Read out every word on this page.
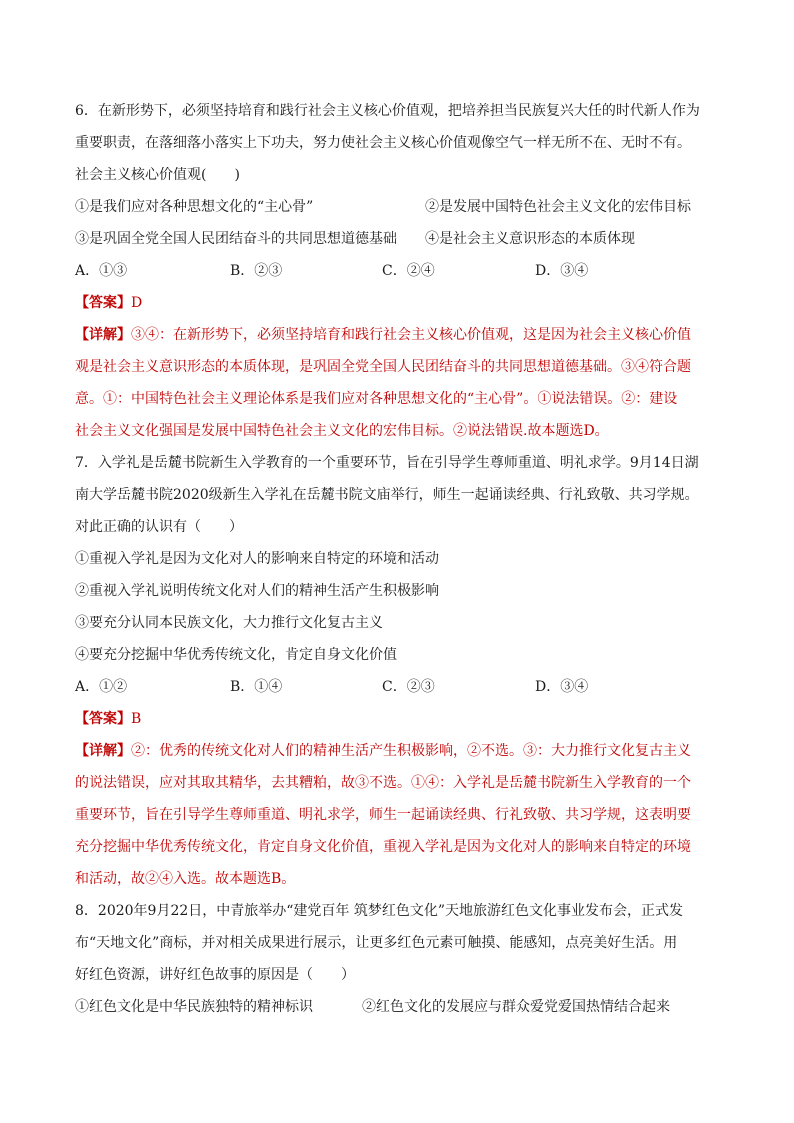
6．在新形势下，必须坚持培育和践行社会主义核心价值观，把培养担当民族复兴大任的时代新人作为
重要职责，在落细落小落实上下功夫，努力使社会主义核心价值观像空气一样无所不在、无时不有。
社会主义核心价值观(　　)
①是我们应对各种思想文化的“主心骨”	②是发展中国特色社会主义文化的宏伟目标
③是巩固全党全国人民团结奋斗的共同思想道德基础 ④是社会主义意识形态的本质体现
A．①③	B．②③	C．②④	D．③④
【答案】D
【详解】③④：在新形势下，必须坚持培育和践行社会主义核心价值观，这是因为社会主义核心价值
观是社会主义意识形态的本质体现，是巩固全党全国人民团结奋斗的共同思想道德基础。③④符合题
意。①：中国特色社会主义理论体系是我们应对各种思想文化的“主心骨”。①说法错误。②：建设
社会主义文化强国是发展中国特色社会主义文化的宏伟目标。②说法错误.故本题选D。
7．入学礼是岳麓书院新生入学教育的一个重要环节，旨在引导学生尊师重道、明礼求学。9月14日湖
南大学岳麓书院2020级新生入学礼在岳麓书院文庙举行，师生一起诵读经典、行礼致敬、共习学规。
对此正确的认识有（　　）
①重视入学礼是因为文化对人的影响来自特定的环境和活动
②重视入学礼说明传统文化对人们的精神生活产生积极影响
③要充分认同本民族文化，大力推行文化复古主义
④要充分挖掘中华优秀传统文化，肯定自身文化价值
A．①②	B．①④	C．②③	D．③④
【答案】B
【详解】②：优秀的传统文化对人们的精神生活产生积极影响，②不选。③：大力推行文化复古主义
的说法错误，应对其取其精华，去其糟粕，故③不选。①④：入学礼是岳麓书院新生入学教育的一个
重要环节，旨在引导学生尊师重道、明礼求学，师生一起诵读经典、行礼致敬、共习学规，这表明要
充分挖掘中华优秀传统文化，肯定自身文化价值，重视入学礼是因为文化对人的影响来自特定的环境
和活动，故②④入选。故本题选B。
8．2020年9月22日，中青旅举办“建党百年 筑梦红色文化”天地旅游红色文化事业发布会，正式发
布“天地文化”商标，并对相关成果进行展示，让更多红色元素可触摸、能感知，点亮美好生活。用
好红色资源，讲好红色故事的原因是（　　）
①红色文化是中华民族独特的精神标识	②红色文化的发展应与群众爱党爱国热情结合起来
